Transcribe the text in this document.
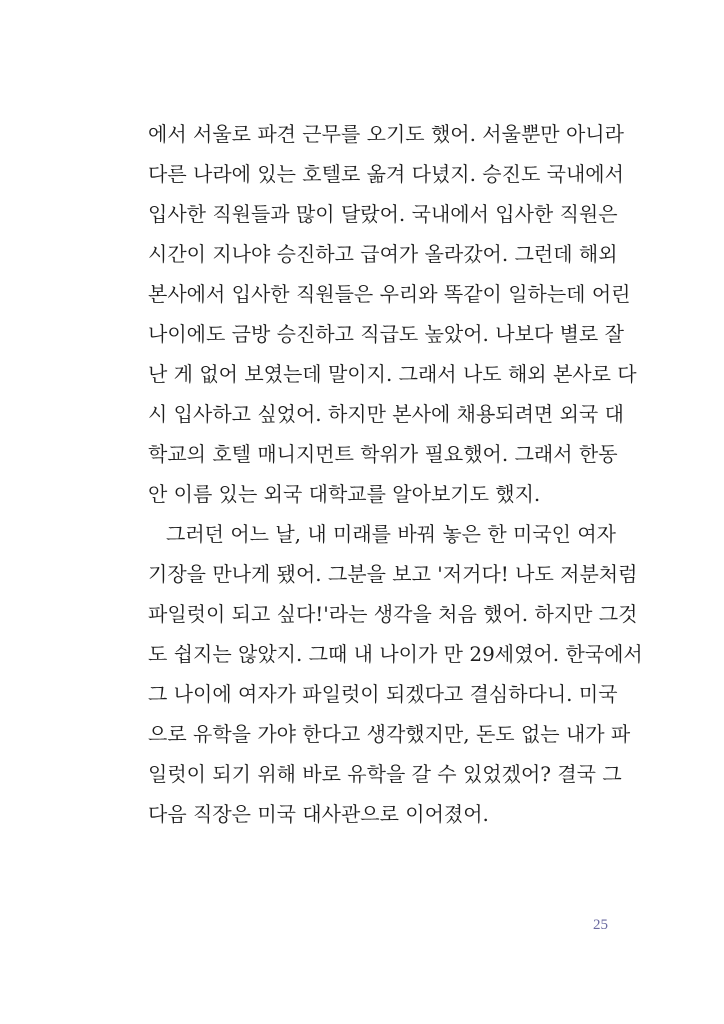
에서 서울로 파견 근무를 오기도 했어. 서울뿐만 아니라
다른 나라에 있는 호텔로 옮겨 다녔지. 승진도 국내에서
입사한 직원들과 많이 달랐어. 국내에서 입사한 직원은
시간이 지나야 승진하고 급여가 올라갔어. 그런데 해외
본사에서 입사한 직원들은 우리와 똑같이 일하는데 어린
나이에도 금방 승진하고 직급도 높았어. 나보다 별로 잘
난 게 없어 보였는데 말이지. 그래서 나도 해외 본사로 다
시 입사하고 싶었어. 하지만 본사에 채용되려면 외국 대
학교의 호텔 매니지먼트 학위가 필요했어. 그래서 한동
안 이름 있는 외국 대학교를 알아보기도 했지.
그러던 어느 날, 내 미래를 바꿔 놓은 한 미국인 여자
기장을 만나게 됐어. 그분을 보고 '저거다! 나도 저분처럼
파일럿이 되고 싶다!'라는 생각을 처음 했어. 하지만 그것
도 쉽지는 않았지. 그때 내 나이가 만 29세였어. 한국에서
그 나이에 여자가 파일럿이 되겠다고 결심하다니. 미국
으로 유학을 가야 한다고 생각했지만, 돈도 없는 내가 파
일럿이 되기 위해 바로 유학을 갈 수 있었겠어? 결국 그
다음 직장은 미국 대사관으로 이어졌어.
25
